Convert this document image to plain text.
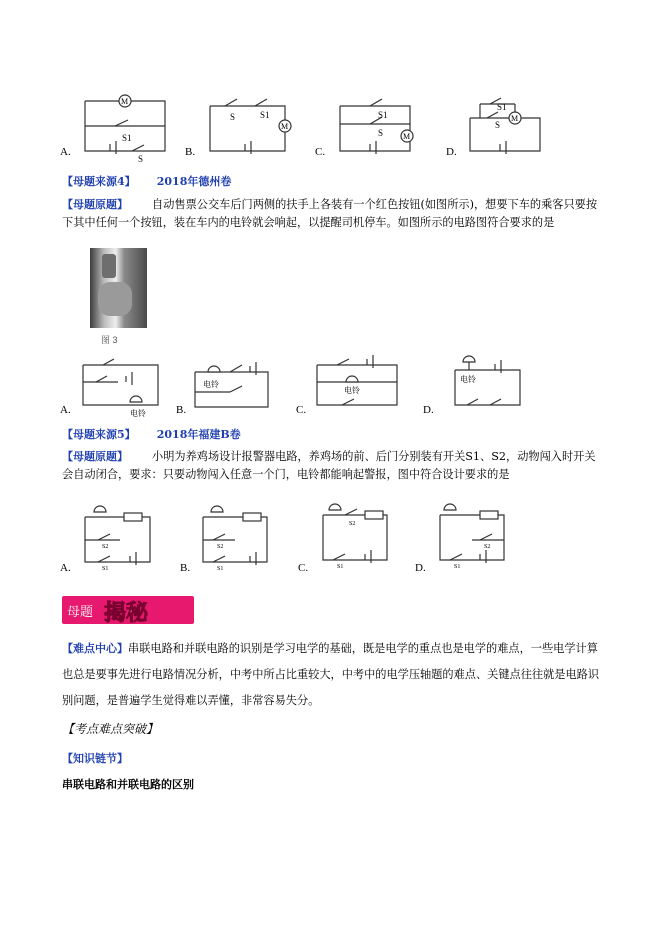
M
S1
S
S	S1
M
S1
S M
S1
S
M
A.	B.	C.	D.
【母题来源4】 2018年德州卷
【母题原题】 自动售票公交车后门两侧的扶手上各装有一个红色按钮(如图所示)，想要下车的乘客只要按下其中任何一个按钮，装在车内的电铃就会响起，以提醒司机停车。如图所示的电路图符合要求的是
图 3
电铃
电铃
电铃
电铃
A.	B.	C.	D.
【母题来源5】 2018年福建B卷
【母题原题】 小明为养鸡场设计报警器电路，养鸡场的前、后门分别装有开关S1、S2，动物闯入时开关会自动闭合，要求：只要动物闯入任意一个门，电铃都能响起警报，图中符合设计要求的是
S2
S1
S2
S1
S2
S1
S2
S1
A.	B.	C.	D.
母题 揭秘
【难点中心】串联电路和并联电路的识别是学习电学的基础，既是电学的重点也是电学的难点，一些电学计算也总是要事先进行电路情况分析，中考中所占比重较大，中考中的电学压轴题的难点、关键点往往就是电路识别问题，是普遍学生觉得难以弄懂，非常容易失分。
【考点难点突破】
【知识链节】
串联电路和并联电路的区别
